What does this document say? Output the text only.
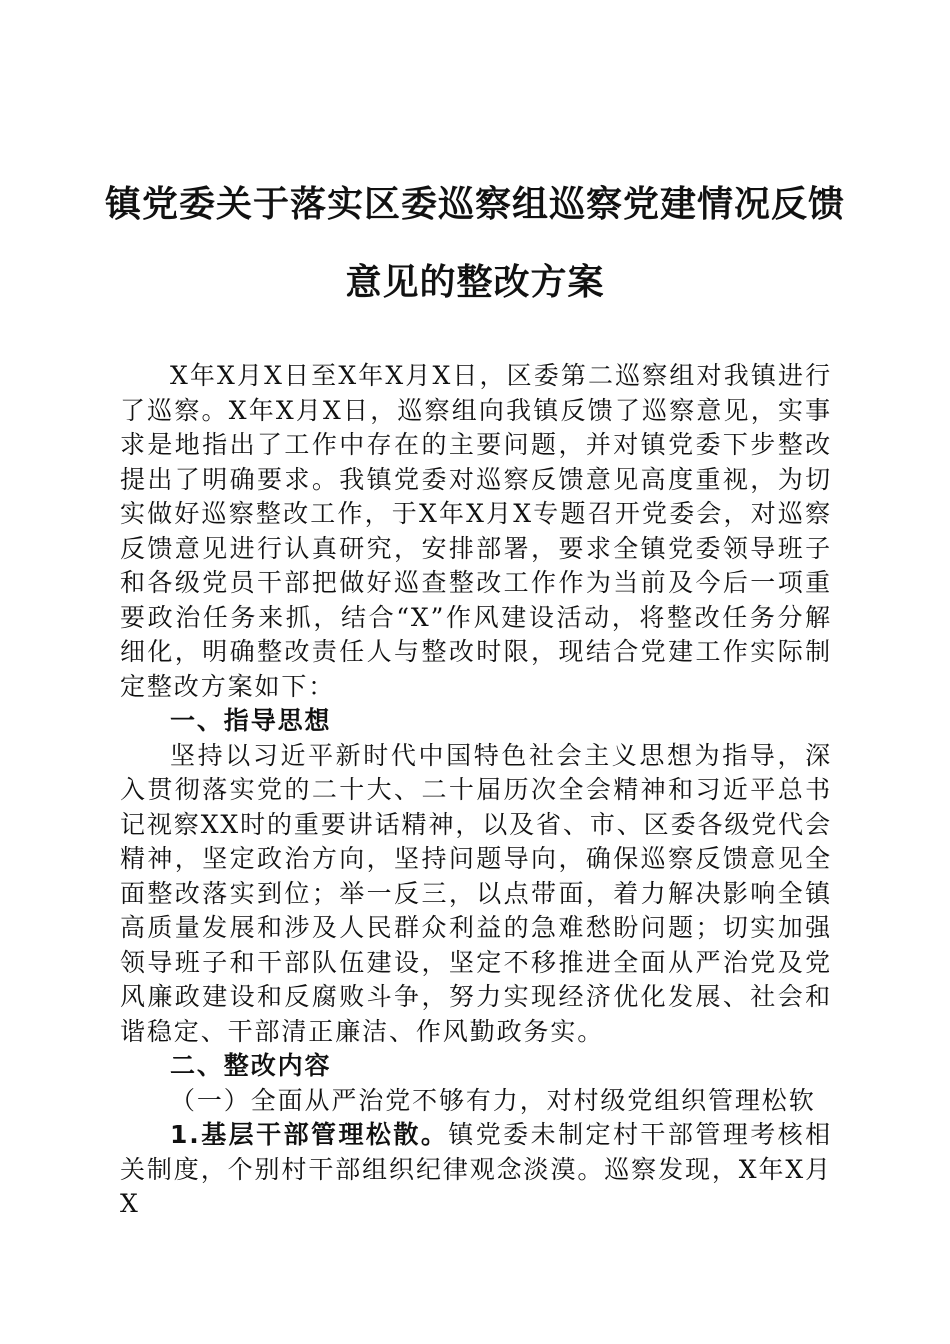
镇党委关于落实区委巡察组巡察党建情况反馈
意见的整改方案

X年X月X日至X年X月X日，区委第二巡察组对我镇进行了巡察。X年X月X日，巡察组向我镇反馈了巡察意见，实事求是地指出了工作中存在的主要问题，并对镇党委下步整改提出了明确要求。我镇党委对巡察反馈意见高度重视，为切实做好巡察整改工作，于X年X月X专题召开党委会，对巡察反馈意见进行认真研究，安排部署，要求全镇党委领导班子和各级党员干部把做好巡查整改工作作为当前及今后一项重要政治任务来抓，结合“X”作风建设活动，将整改任务分解细化，明确整改责任人与整改时限，现结合党建工作实际制定整改方案如下：

一、指导思想

坚持以习近平新时代中国特色社会主义思想为指导，深入贯彻落实党的二十大、二十届历次全会精神和习近平总书记视察XX时的重要讲话精神，以及省、市、区委各级党代会精神，坚定政治方向，坚持问题导向，确保巡察反馈意见全面整改落实到位；举一反三，以点带面，着力解决影响全镇高质量发展和涉及人民群众利益的急难愁盼问题；切实加强领导班子和干部队伍建设，坚定不移推进全面从严治党及党风廉政建设和反腐败斗争，努力实现经济优化发展、社会和谐稳定、干部清正廉洁、作风勤政务实。

二、整改内容

（一）全面从严治党不够有力，对村级党组织管理松软

1.基层干部管理松散。镇党委未制定村干部管理考核相关制度，个别村干部组织纪律观念淡漠。巡察发现，X年X月X
